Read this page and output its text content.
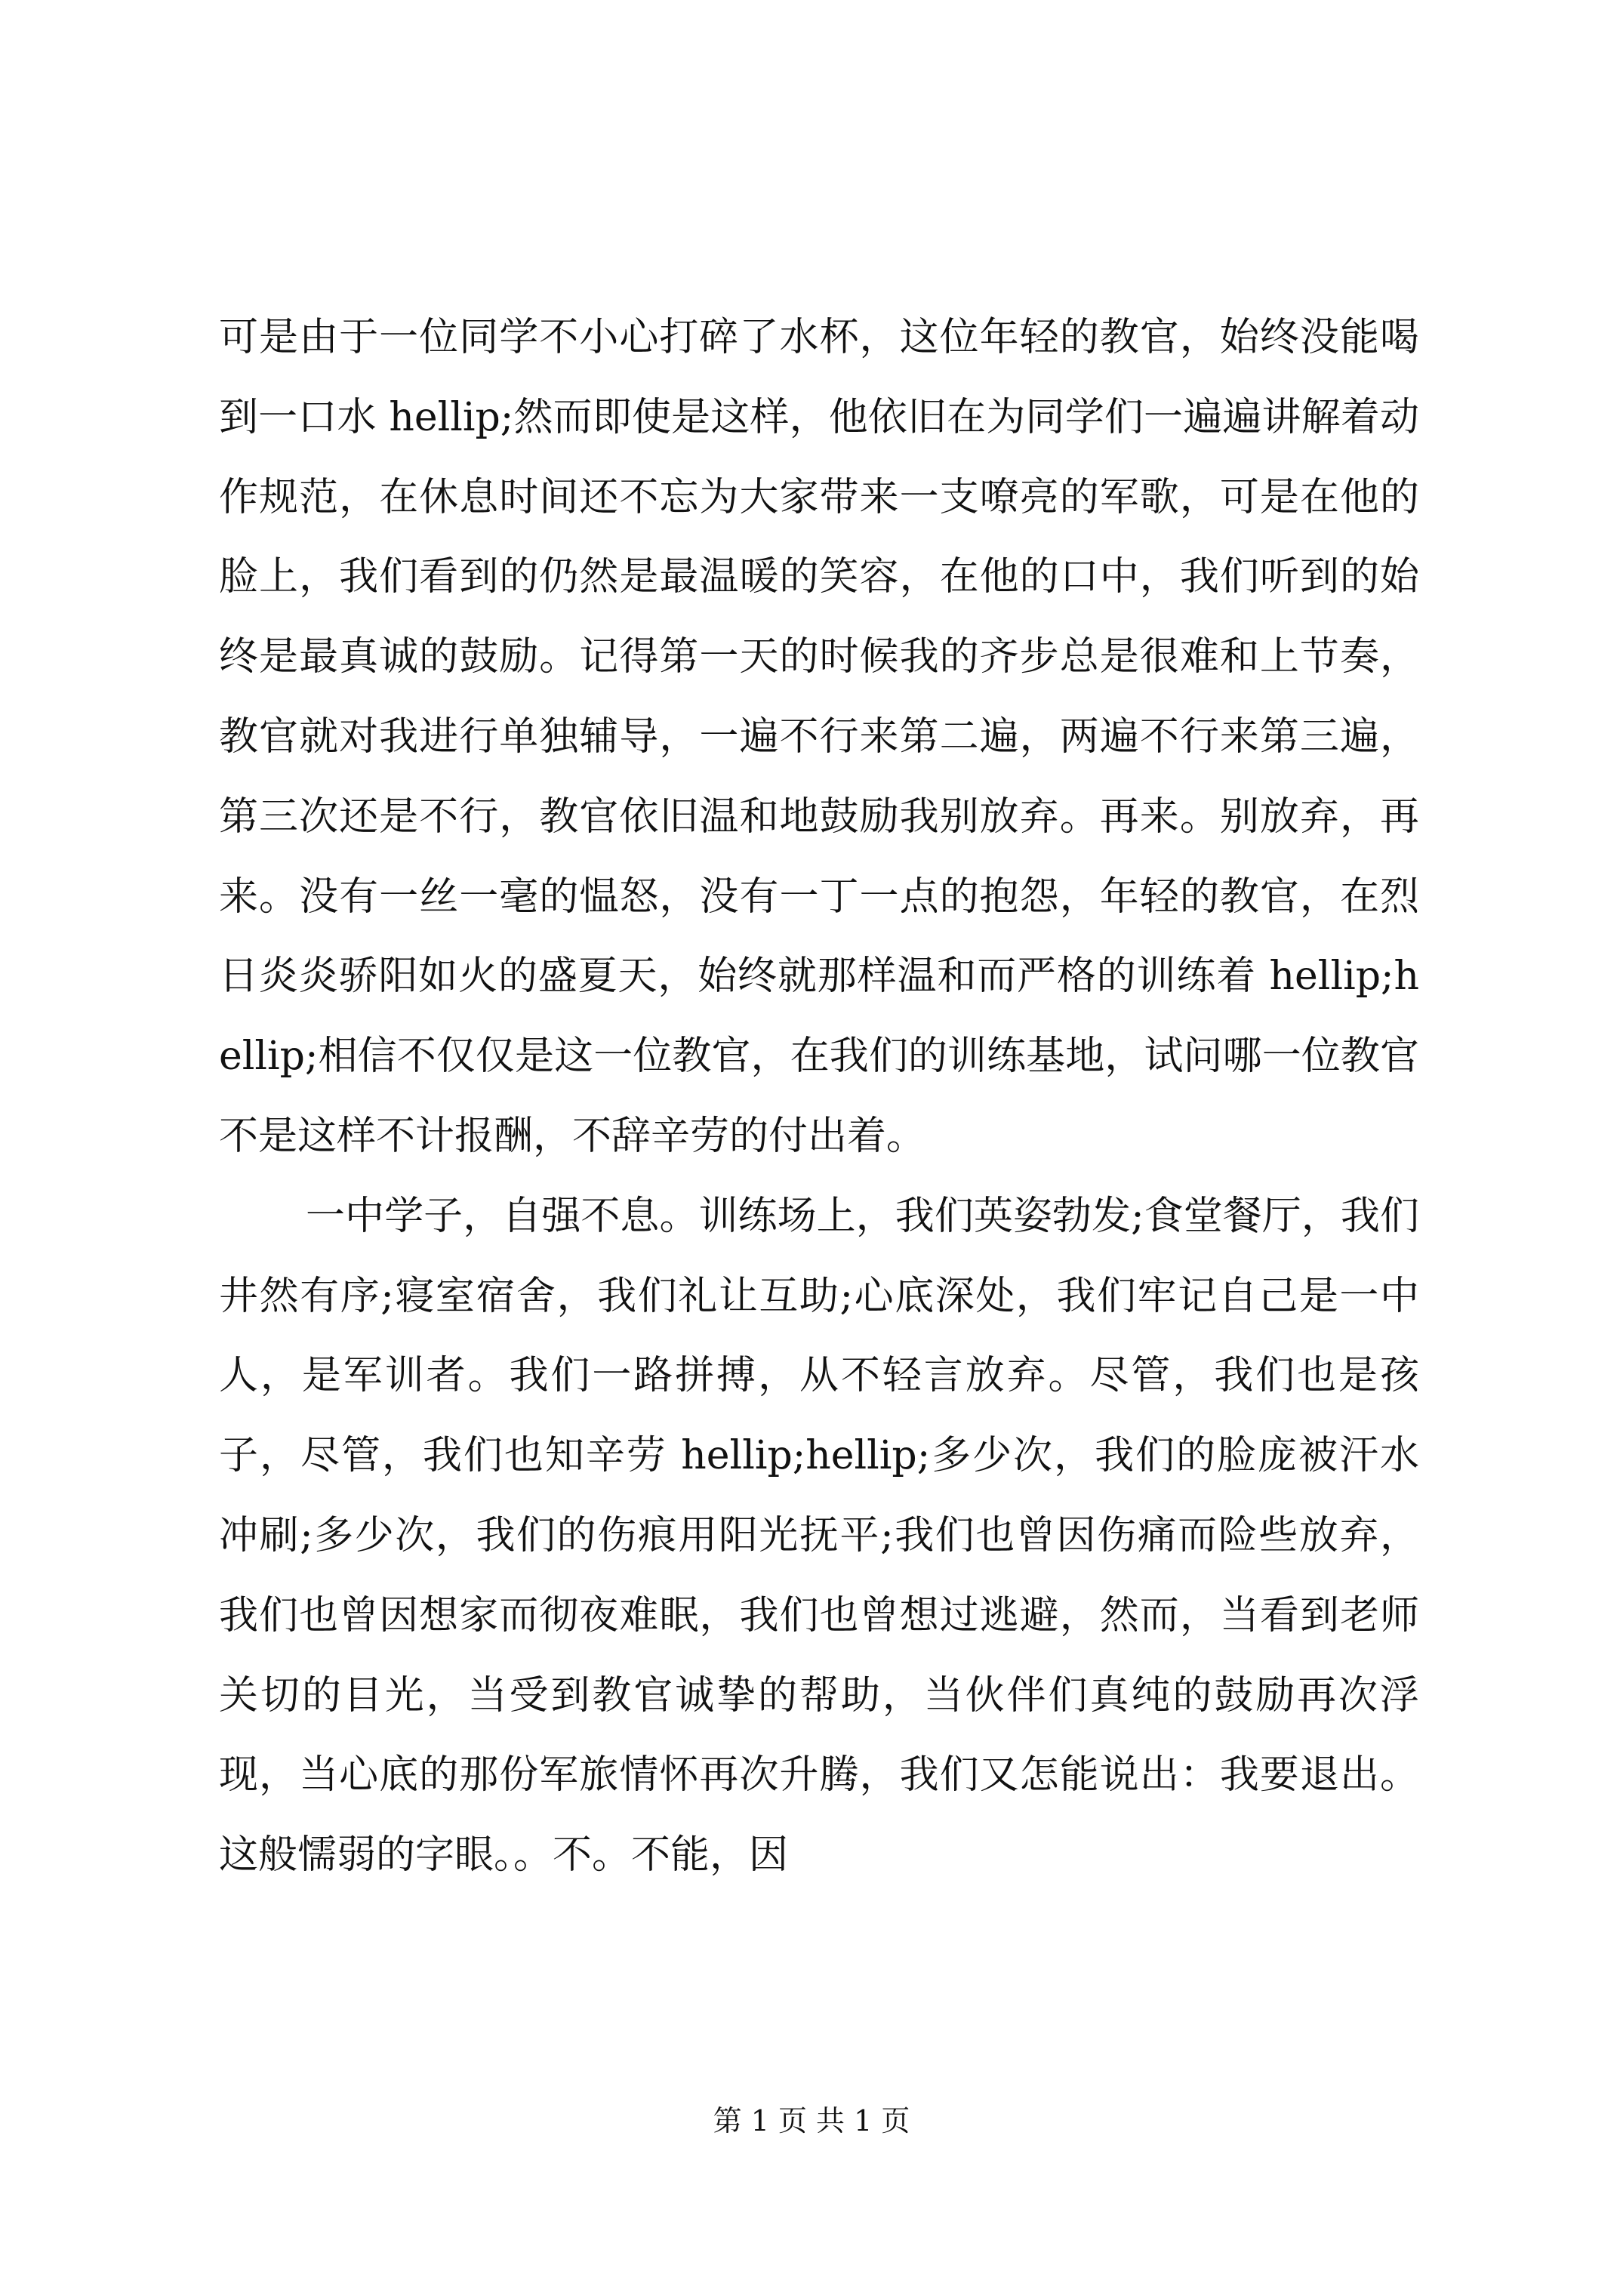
可是由于一位同学不小心打碎了水杯，这位年轻的教官，始终没能喝到一口水 hellip;然而即使是这样，他依旧在为同学们一遍遍讲解着动作规范，在休息时间还不忘为大家带来一支嘹亮的军歌，可是在他的脸上，我们看到的仍然是最温暖的笑容，在他的口中，我们听到的始终是最真诚的鼓励。记得第一天的时候我的齐步总是很难和上节奏，教官就对我进行单独辅导，一遍不行来第二遍，两遍不行来第三遍，第三次还是不行，教官依旧温和地鼓励我别放弃。再来。别放弃，再来。没有一丝一毫的愠怒，没有一丁一点的抱怨，年轻的教官，在烈日炎炎骄阳如火的盛夏天，始终就那样温和而严格的训练着 hellip;hellip;相信不仅仅是这一位教官，在我们的训练基地，试问哪一位教官不是这样不计报酬，不辞辛劳的付出着。

一中学子，自强不息。训练场上，我们英姿勃发;食堂餐厅，我们井然有序;寝室宿舍，我们礼让互助;心底深处，我们牢记自己是一中人，是军训者。我们一路拼搏，从不轻言放弃。尽管，我们也是孩子，尽管，我们也知辛劳 hellip;hellip;多少次，我们的脸庞被汗水冲刷;多少次，我们的伤痕用阳光抚平;我们也曾因伤痛而险些放弃，我们也曾因想家而彻夜难眠，我们也曾想过逃避，然而，当看到老师关切的目光，当受到教官诚挚的帮助，当伙伴们真纯的鼓励再次浮现，当心底的那份军旅情怀再次升腾，我们又怎能说出：我要退出。这般懦弱的字眼。。不。不能，因

第 1 页 共 1 页
